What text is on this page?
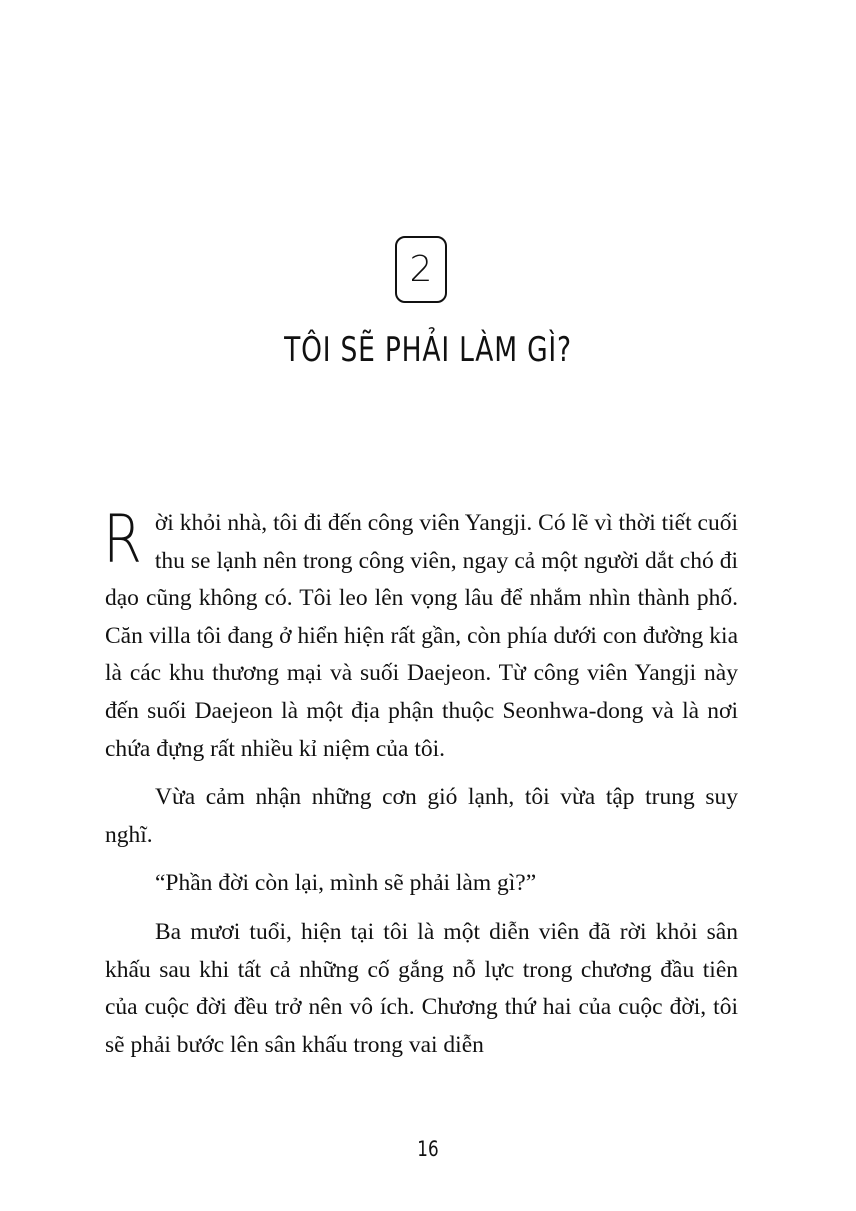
2
TÔI SẼ PHẢI LÀM GÌ?

Rời khỏi nhà, tôi đi đến công viên Yangji. Có lẽ vì thời tiết cuối thu se lạnh nên trong công viên, ngay cả một người dắt chó đi dạo cũng không có. Tôi leo lên vọng lâu để nhắm nhìn thành phố. Căn villa tôi đang ở hiển hiện rất gần, còn phía dưới con đường kia là các khu thương mại và suối Daejeon. Từ công viên Yangji này đến suối Daejeon là một địa phận thuộc Seonhwa-dong và là nơi chứa đựng rất nhiều kỉ niệm của tôi.

Vừa cảm nhận những cơn gió lạnh, tôi vừa tập trung suy nghĩ.

“Phần đời còn lại, mình sẽ phải làm gì?”

Ba mươi tuổi, hiện tại tôi là một diễn viên đã rời khỏi sân khấu sau khi tất cả những cố gắng nỗ lực trong chương đầu tiên của cuộc đời đều trở nên vô ích. Chương thứ hai của cuộc đời, tôi sẽ phải bước lên sân khấu trong vai diễn

16
